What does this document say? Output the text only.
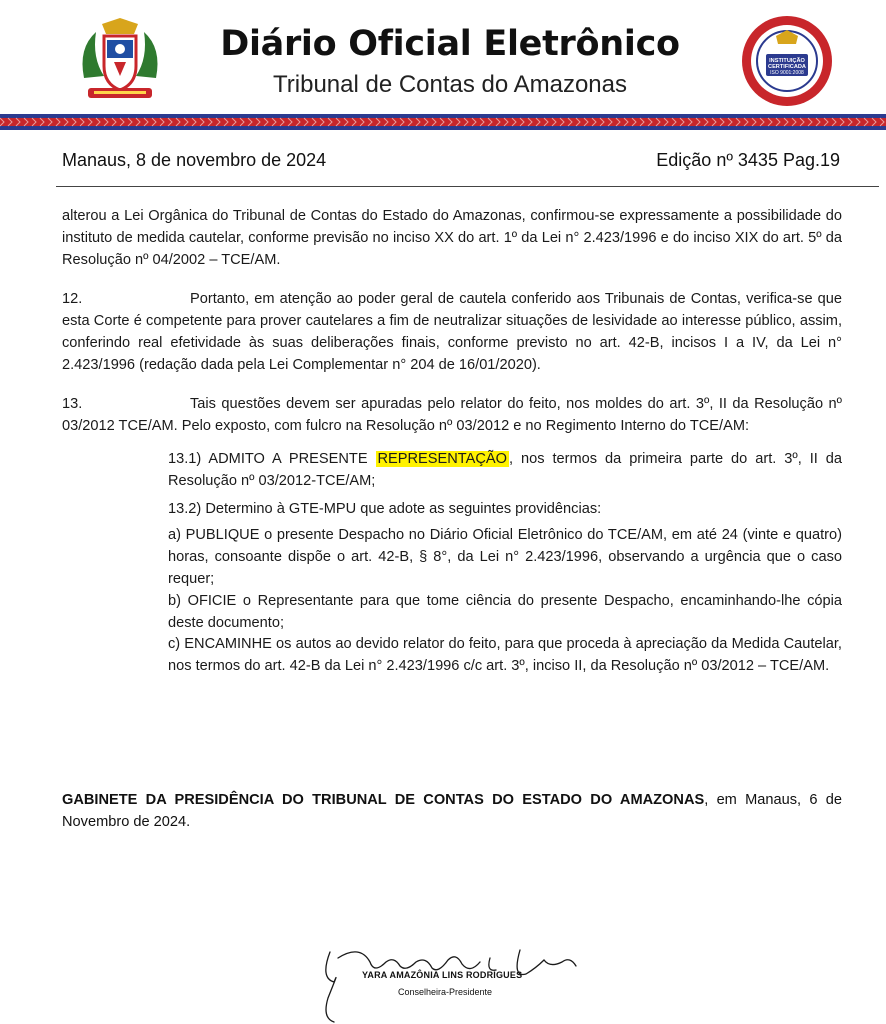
Diário Oficial Eletrônico
Tribunal de Contas do Amazonas
INSTITUIÇÃO
CERTIFICADA
ISO 9001:2008
Manaus, 8 de novembro de 2024	Edição nº 3435 Pag.19

alterou a Lei Orgânica do Tribunal de Contas do Estado do Amazonas, confirmou-se expressamente a possibilidade do instituto de medida cautelar, conforme previsão no inciso XX do art. 1º da Lei n° 2.423/1996 e do inciso XIX do art. 5º da Resolução nº 04/2002 – TCE/AM.

12.	Portanto, em atenção ao poder geral de cautela conferido aos Tribunais de Contas, verifica-se que esta Corte é competente para prover cautelares a fim de neutralizar situações de lesividade ao interesse público, assim, conferindo real efetividade às suas deliberações finais, conforme previsto no art. 42-B, incisos I a IV, da Lei n° 2.423/1996 (redação dada pela Lei Complementar n° 204 de 16/01/2020).

13.	Tais questões devem ser apuradas pelo relator do feito, nos moldes do art. 3º, II da Resolução nº 03/2012 TCE/AM. Pelo exposto, com fulcro na Resolução nº 03/2012 e no Regimento Interno do TCE/AM:

13.1) ADMITO A PRESENTE REPRESENTAÇÃO , nos termos da primeira parte do art. 3º, II da Resolução nº 03/2012-TCE/AM;
13.2) Determino à GTE-MPU que adote as seguintes providências:
a) PUBLIQUE o presente Despacho no Diário Oficial Eletrônico do TCE/AM, em até 24 (vinte e quatro) horas, consoante dispõe o art. 42-B, § 8°, da Lei n° 2.423/1996, observando a urgência que o caso requer;
b) OFICIE o Representante para que tome ciência do presente Despacho, encaminhando-lhe cópia deste documento;
c) ENCAMINHE os autos ao devido relator do feito, para que proceda à apreciação da Medida Cautelar, nos termos do art. 42-B da Lei n° 2.423/1996 c/c art. 3º, inciso II, da Resolução nº 03/2012 – TCE/AM.
GABINETE DA PRESIDÊNCIA DO TRIBUNAL DE CONTAS DO ESTADO DO AMAZONAS, em Manaus, 6 de Novembro de 2024.
YARA AMAZÔNIA LINS RODRIGUES
Conselheira-Presidente
